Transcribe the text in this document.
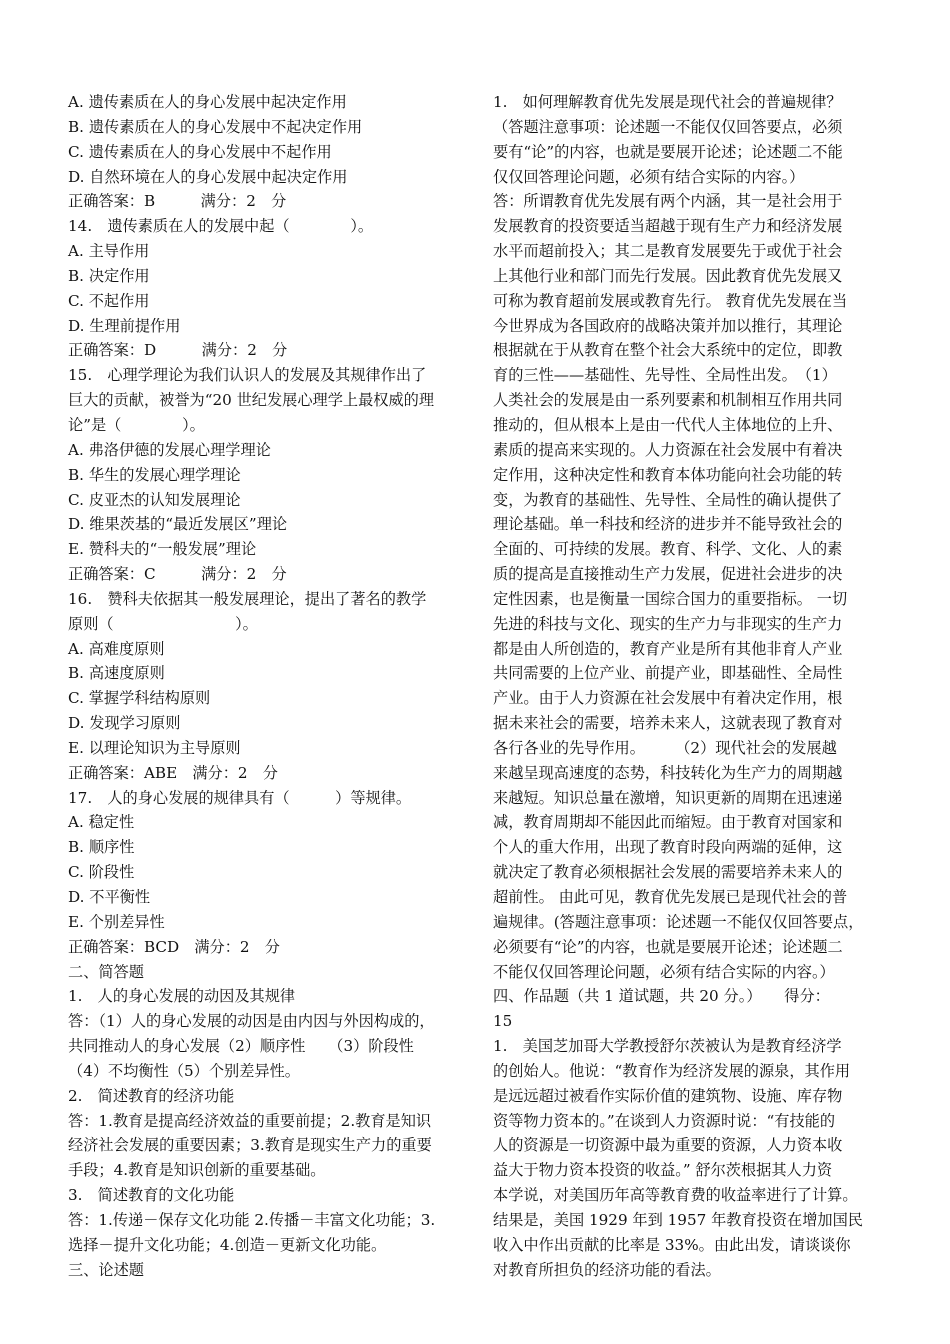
A. 遗传素质在人的身心发展中起决定作用
B. 遗传素质在人的身心发展中不起决定作用
C. 遗传素质在人的身心发展中不起作用
D. 自然环境在人的身心发展中起决定作用
正确答案：B　　　满分：2　分
14.　遗传素质在人的发展中起（　　　　）。
A. 主导作用
B. 决定作用
C. 不起作用
D. 生理前提作用
正确答案：D　　　满分：2　分
15.　心理学理论为我们认识人的发展及其规律作出了
巨大的贡献，被誉为“20 世纪发展心理学上最权威的理
论”是（　　　　）。
A. 弗洛伊德的发展心理学理论
B. 华生的发展心理学理论
C. 皮亚杰的认知发展理论
D. 维果茨基的“最近发展区”理论
E. 赞科夫的“一般发展”理论
正确答案：C　　　满分：2　分
16.　赞科夫依据其一般发展理论，提出了著名的教学
原则（　　　　　　　　）。
A. 高难度原则
B. 高速度原则
C. 掌握学科结构原则
D. 发现学习原则
E. 以理论知识为主导原则
正确答案：ABE　满分：2　分
17.　人的身心发展的规律具有（　　　）等规律。
A. 稳定性
B. 顺序性
C. 阶段性
D. 不平衡性
E. 个别差异性
正确答案：BCD　满分：2　分
二、简答题
1.　人的身心发展的动因及其规律
答：（1）人的身心发展的动因是由内因与外因构成的，
共同推动人的身心发展（2）顺序性　　（3）阶段性
（4）不均衡性（5）个别差异性。
2.　简述教育的经济功能
答：1.教育是提高经济效益的重要前提；2.教育是知识
经济社会发展的重要因素；3.教育是现实生产力的重要
手段；4.教育是知识创新的重要基础。
3.　简述教育的文化功能
答：1.传递－保存文化功能 2.传播－丰富文化功能；3.
选择－提升文化功能；4.创造－更新文化功能。
三、论述题
1.　如何理解教育优先发展是现代社会的普遍规律？
（答题注意事项：论述题一不能仅仅回答要点，必须
要有“论”的内容，也就是要展开论述；论述题二不能
仅仅回答理论问题，必须有结合实际的内容。）
答：所谓教育优先发展有两个内涵，其一是社会用于
发展教育的投资要适当超越于现有生产力和经济发展
水平而超前投入；其二是教育发展要先于或优于社会
上其他行业和部门而先行发展。因此教育优先发展又
可称为教育超前发展或教育先行。 教育优先发展在当
今世界成为各国政府的战略决策并加以推行，其理论
根据就在于从教育在整个社会大系统中的定位，即教
育的三性——基础性、先导性、全局性出发。　（1）
人类社会的发展是由一系列要素和机制相互作用共同
推动的，但从根本上是由一代代人主体地位的上升、
素质的提高来实现的。人力资源在社会发展中有着决
定作用，这种决定性和教育本体功能向社会功能的转
变，为教育的基础性、先导性、全局性的确认提供了
理论基础。单一科技和经济的进步并不能导致社会的
全面的、可持续的发展。教育、科学、文化、人的素
质的提高是直接推动生产力发展，促进社会进步的决
定性因素，也是衡量一国综合国力的重要指标。 一切
先进的科技与文化、现实的生产力与非现实的生产力
都是由人所创造的，教育产业是所有其他非育人产业
共同需要的上位产业、前提产业，即基础性、全局性
产业。由于人力资源在社会发展中有着决定作用，根
据未来社会的需要，培养未来人，这就表现了教育对
各行各业的先导作用。　　　（2）现代社会的发展越
来越呈现高速度的态势，科技转化为生产力的周期越
来越短。知识总量在激增，知识更新的周期在迅速递
减，教育周期却不能因此而缩短。由于教育对国家和
个人的重大作用，出现了教育时段向两端的延伸，这
就决定了教育必须根据社会发展的需要培养未来人的
超前性。 由此可见，教育优先发展已是现代社会的普
遍规律。(答题注意事项：论述题一不能仅仅回答要点，
必须要有“论”的内容，也就是要展开论述；论述题二
不能仅仅回答理论问题，必须有结合实际的内容。）
四、作品题（共 1 道试题，共 20 分。）　　得分：
15
1.　美国芝加哥大学教授舒尔茨被认为是教育经济学
的创始人。他说：“教育作为经济发展的源泉，其作用
是远远超过被看作实际价值的建筑物、设施、库存物
资等物力资本的。”在谈到人力资源时说：“有技能的
人的资源是一切资源中最为重要的资源，人力资本收
益大于物力资本投资的收益。” 舒尔茨根据其人力资
本学说，对美国历年高等教育费的收益率进行了计算。
结果是，美国 1929 年到 1957 年教育投资在增加国民
收入中作出贡献的比率是 33%。由此出发，请谈谈你
对教育所担负的经济功能的看法。
